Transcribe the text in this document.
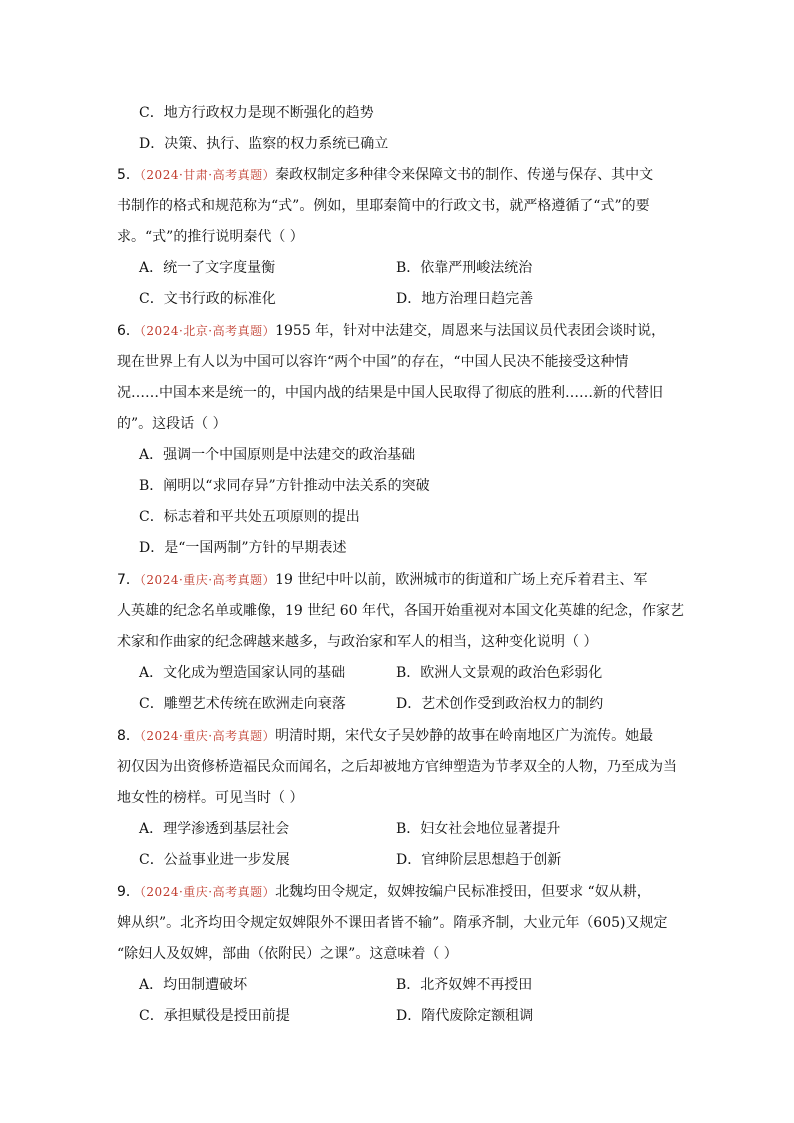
C．地方行政权力是现不断强化的趋势
D．决策、执行、监察的权力系统已确立
5．（2024·甘肃·高考真题）秦政权制定多种律令来保障文书的制作、传递与保存、其中文
书制作的格式和规范称为“式”。例如，里耶秦简中的行政文书，就严格遵循了“式”的要
求。“式”的推行说明秦代（ ）
A．统一了文字度量衡	B．依靠严刑峻法统治
C．文书行政的标准化	D．地方治理日趋完善
6．（2024·北京·高考真题）1955 年，针对中法建交，周恩来与法国议员代表团会谈时说，
现在世界上有人以为中国可以容许“两个中国”的存在，“中国人民决不能接受这种情
况……中国本来是统一的，中国内战的结果是中国人民取得了彻底的胜利……新的代替旧
的”。这段话（ ）
A．强调一个中国原则是中法建交的政治基础
B．阐明以“求同存异”方针推动中法关系的突破
C．标志着和平共处五项原则的提出
D．是“一国两制”方针的早期表述
7．（2024·重庆·高考真题）19 世纪中叶以前，欧洲城市的街道和广场上充斥着君主、军
人英雄的纪念名单或雕像，19 世纪 60 年代，各国开始重视对本国文化英雄的纪念，作家艺
术家和作曲家的纪念碑越来越多，与政治家和军人的相当，这种变化说明（ ）
A．文化成为塑造国家认同的基础	B．欧洲人文景观的政治色彩弱化
C．雕塑艺术传统在欧洲走向衰落	D．艺术创作受到政治权力的制约
8．（2024·重庆·高考真题）明清时期，宋代女子吴妙静的故事在岭南地区广为流传。她最
初仅因为出资修桥造福民众而闻名，之后却被地方官绅塑造为节孝双全的人物，乃至成为当
地女性的榜样。可见当时（ ）
A．理学渗透到基层社会	B．妇女社会地位显著提升
C．公益事业进一步发展	D．官绅阶层思想趋于创新
9．（2024·重庆·高考真题）北魏均田令规定，奴婢按编户民标准授田，但要求 “奴从耕，
婢从织”。北齐均田令规定奴婢限外不课田者皆不输”。隋承齐制，大业元年（605)又规定
“除妇人及奴婢，部曲（依附民）之课”。这意味着（ ）
A．均田制遭破坏	B．北齐奴婢不再授田
C．承担赋役是授田前提	D．隋代废除定额租调
